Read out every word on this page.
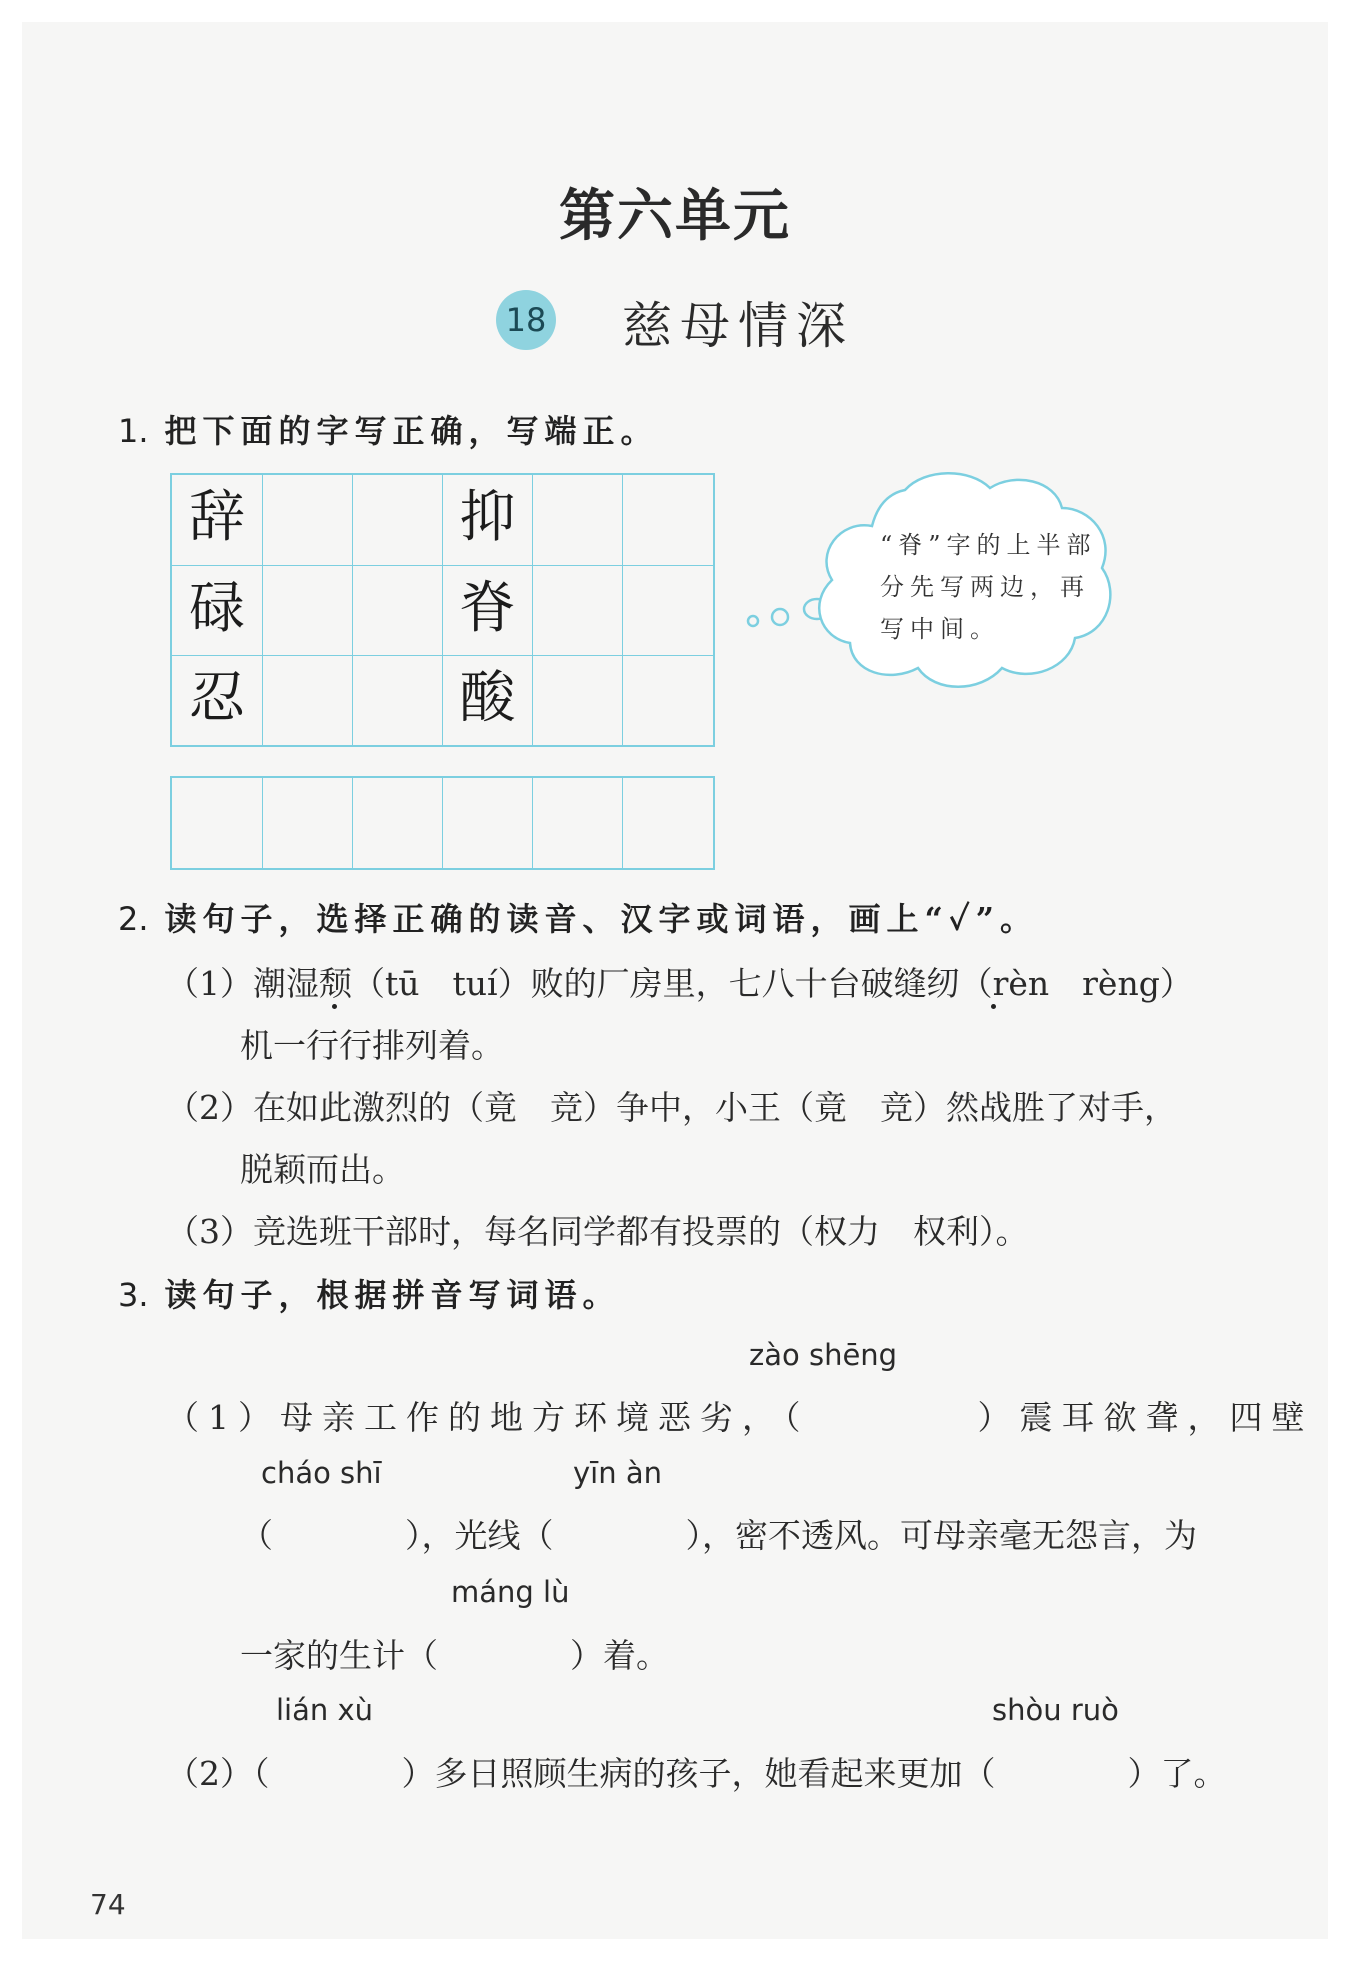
第六单元
18 慈母情深
1. 把下面的字写正确，写端正。
辞	抑
碌	脊
忍	酸
“脊”字的上半部分先写两边，再写中间。
2. 读句子，选择正确的读音、汉字或词语，画上“✓”。
（1）潮湿颓（tū　tuí）败的厂房里，七八十台破缝纫（rèn　rèng）
机一行行排列着。
（2）在如此激烈的（竟　竞）争中，小王（竟　竞）然战胜了对手，
脱颖而出。
（3）竞选班干部时，每名同学都有投票的（权力　权利）。
3. 读句子，根据拼音写词语。
zào shēng
（1）母亲工作的地方环境恶劣，（　　　　）震耳欲聋，四壁
cháo shī	yīn àn
（　　　　），光线（　　　　），密不透风。可母亲毫无怨言，为
máng lù
一家的生计（　　　　）着。
lián xù	shòu ruò
（2）（　　　　）多日照顾生病的孩子，她看起来更加（　　　　）了。
74
